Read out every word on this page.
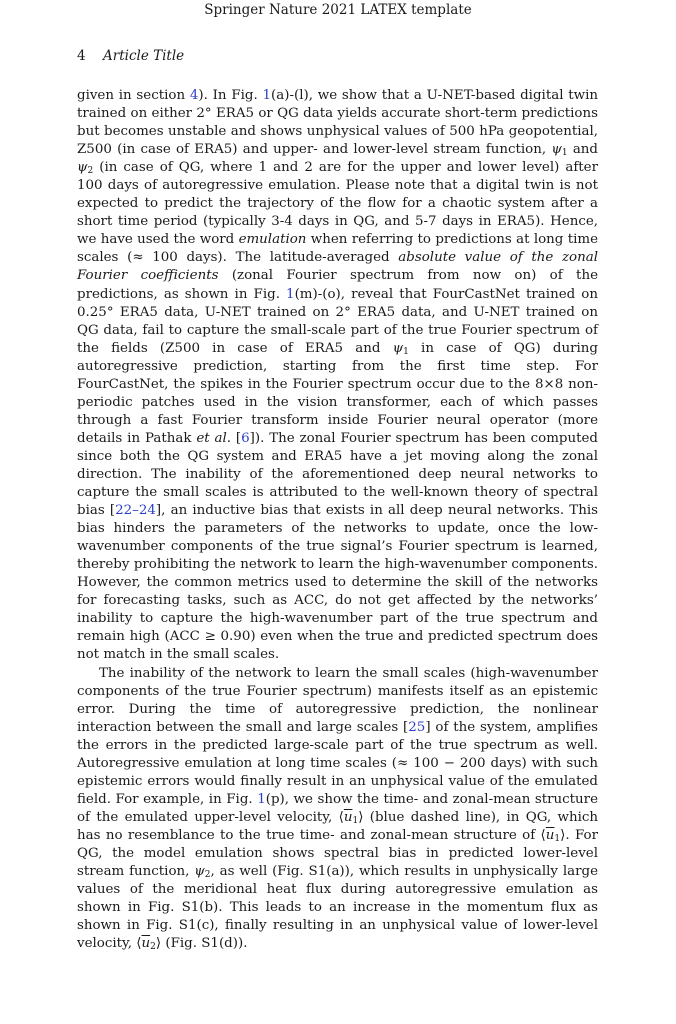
Springer Nature 2021 LATEX template
4 Article Title

given in section 4). In Fig. 1(a)-(l), we show that a U-NET-based digital twin trained on either 2° ERA5 or QG data yields accurate short-term predictions but becomes unstable and shows unphysical values of 500 hPa geopotential, Z500 (in case of ERA5) and upper- and lower-level stream function, $\psi_1$ and $\psi_2$ (in case of QG, where 1 and 2 are for the upper and lower level) after 100 days of autoregressive emulation. Please note that a digital twin is not expected to predict the trajectory of the flow for a chaotic system after a short time period (typically 3-4 days in QG, and 5-7 days in ERA5). Hence, we have used the word emulation when referring to predictions at long time scales (≈ 100 days). The latitude-averaged absolute value of the zonal Fourier coefficients (zonal Fourier spectrum from now on) of the predictions, as shown in Fig. 1(m)-(o), reveal that FourCastNet trained on 0.25° ERA5 data, U-NET trained on 2° ERA5 data, and U-NET trained on QG data, fail to capture the small-scale part of the true Fourier spectrum of the fields (Z500 in case of ERA5 and $\psi_1$ in case of QG) during autoregressive prediction, starting from the first time step. For FourCastNet, the spikes in the Fourier spectrum occur due to the 8×8 non-periodic patches used in the vision transformer, each of which passes through a fast Fourier transform inside Fourier neural operator (more details in Pathak et al. [6]). The zonal Fourier spectrum has been computed since both the QG system and ERA5 have a jet moving along the zonal direction. The inability of the aforementioned deep neural networks to capture the small scales is attributed to the well-known theory of spectral bias [22–24], an inductive bias that exists in all deep neural networks. This bias hinders the parameters of the networks to update, once the low-wavenumber components of the true signal’s Fourier spectrum is learned, thereby prohibiting the network to learn the high-wavenumber components. However, the common metrics used to determine the skill of the networks for forecasting tasks, such as ACC, do not get affected by the networks’ inability to capture the high-wavenumber part of the true spectrum and remain high (ACC ≥ 0.90) even when the true and predicted spectrum does not match in the small scales.

The inability of the network to learn the small scales (high-wavenumber components of the true Fourier spectrum) manifests itself as an epistemic error. During the time of autoregressive prediction, the nonlinear interaction between the small and large scales [25] of the system, amplifies the errors in the predicted large-scale part of the true spectrum as well. Autoregressive emulation at long time scales (≈ 100 − 200 days) with such epistemic errors would finally result in an unphysical value of the emulated field. For example, in Fig. 1(p), we show the time- and zonal-mean structure of the emulated upper-level velocity, $⟨\overline{u}_1⟩$ (blue dashed line), in QG, which has no resemblance to the true time- and zonal-mean structure of $⟨\overline{u}_1⟩$. For QG, the model emulation shows spectral bias in predicted lower-level stream function, $\psi_2$, as well (Fig. S1(a)), which results in unphysically large values of the meridional heat flux during autoregressive emulation as shown in Fig. S1(b). This leads to an increase in the momentum flux as shown in Fig. S1(c), finally resulting in an unphysical value of lower-level velocity, $⟨\overline{u}_2⟩$ (Fig. S1(d)).
